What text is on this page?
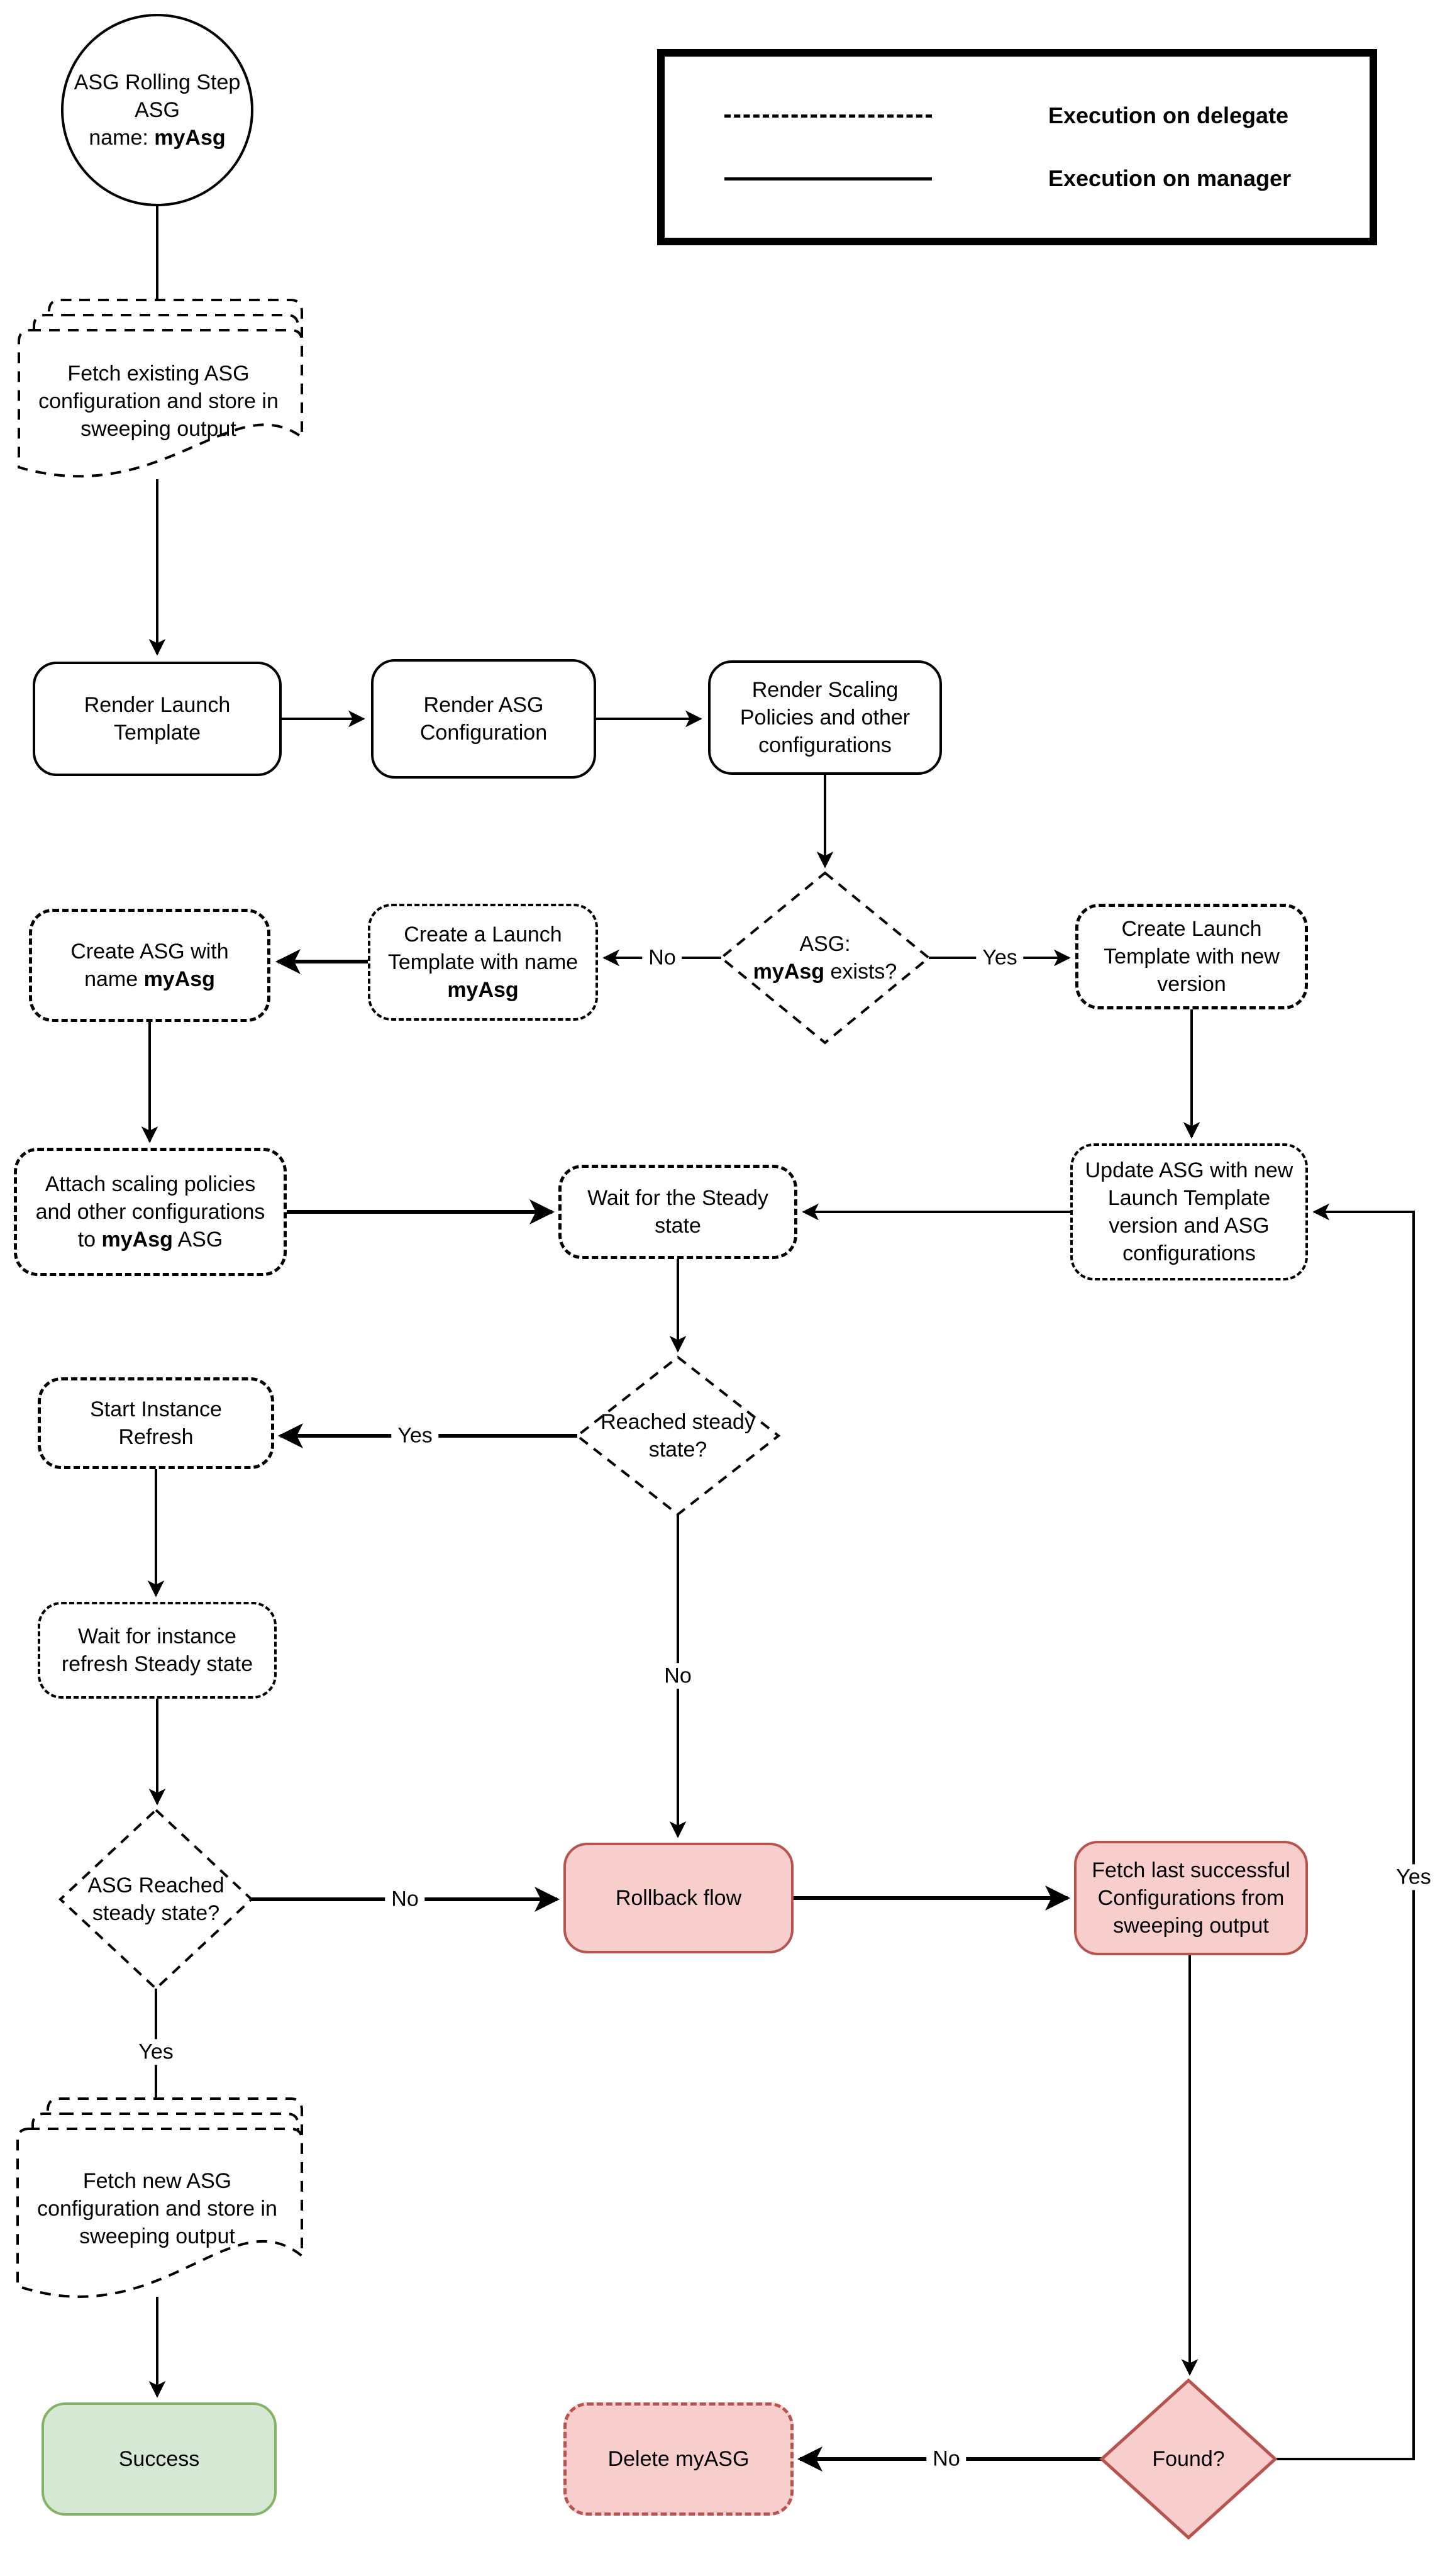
Execution on delegate
Execution on manager
ASG Rolling Step ASG
name: myAsg
Fetch existing ASG configuration and store in sweeping output
Fetch new ASG configuration and store in sweeping output
Render Launch Template
Render ASG Configuration
Render Scaling Policies and other configurations
Create ASG with name myAsg
Create a Launch Template with name myAsg
Create Launch Template with new version
Attach scaling policies and other configurations to myAsg ASG
Wait for the Steady state
Update ASG with new Launch Template version and ASG configurations
Start Instance Refresh
Wait for instance refresh Steady state
Rollback flow
Fetch last successful Configurations from sweeping output
Success	Delete myASG
ASG:
myAsg exists?
Reached steady state?
ASG Reached steady state?
Found?
No	Yes
Yes
No
No
Yes
No
Yes
